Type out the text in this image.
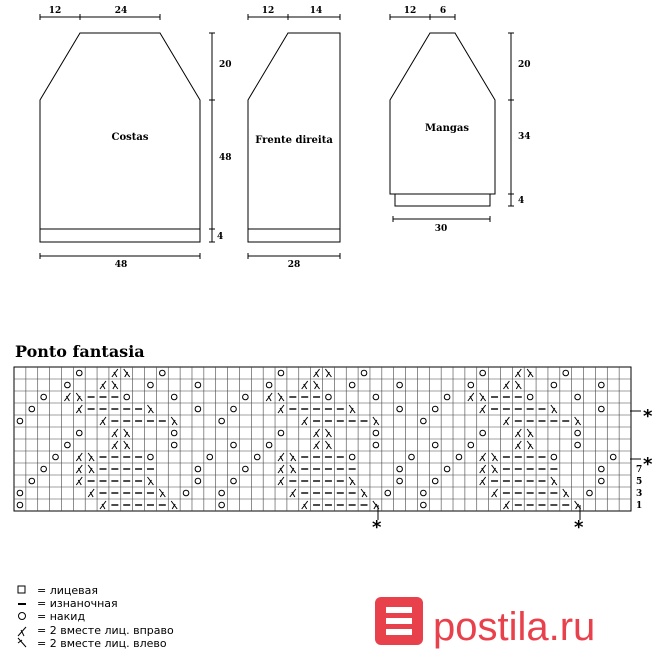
12	24
20
48
4
48
Costas
12	14
28
Frente direita
12	6
20
34
4
30
Mangas
Ponto fantasia
7
5
3
1
*	*
*
*
= лицевая
= изнаночная
= накид
= 2 вместе лиц. вправо
= 2 вместе лиц. влево	postila.ru
